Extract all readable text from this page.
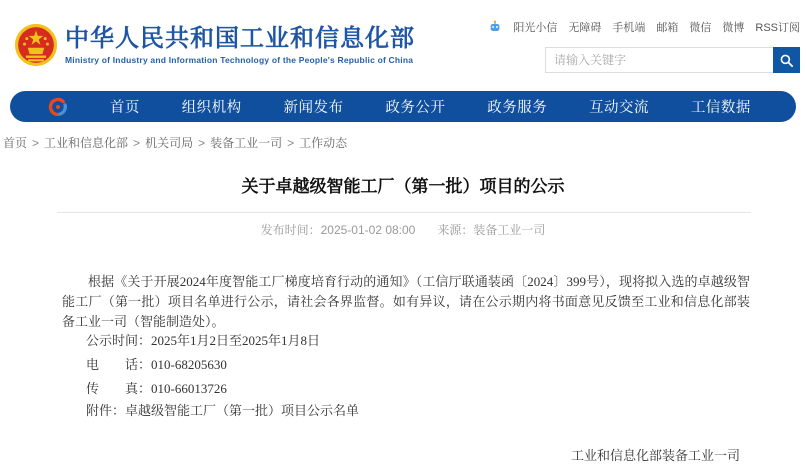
中华人民共和国工业和信息化部
Ministry of Industry and Information Technology of the People's Republic of China
阳光小信 无障碍 手机端 邮箱 微信 微博 RSS订阅
请输入关键字
首页	组织机构	新闻发布	政务公开	政务服务	互动交流	工信数据
首页 > 工业和信息化部 > 机关司局 > 装备工业一司 > 工作动态
关于卓越级智能工厂（第一批）项目的公示
发布时间：2025-01-02 08:00 来源：装备工业一司

根据《关于开展2024年度智能工厂梯度培育行动的通知》（工信厅联通装函〔2024〕399号），现将拟入选的卓越级智能工厂（第一批）项目名单进行公示，请社会各界监督。如有异议，请在公示期内将书面意见反馈至工业和信息化部装备工业一司（智能制造处）。

公示时间：2025年1月2日至2025年1月8日
电　　话：010-68205630
传　　真：010-66013726
附件：卓越级智能工厂（第一批）项目公示名单
工业和信息化部装备工业一司
